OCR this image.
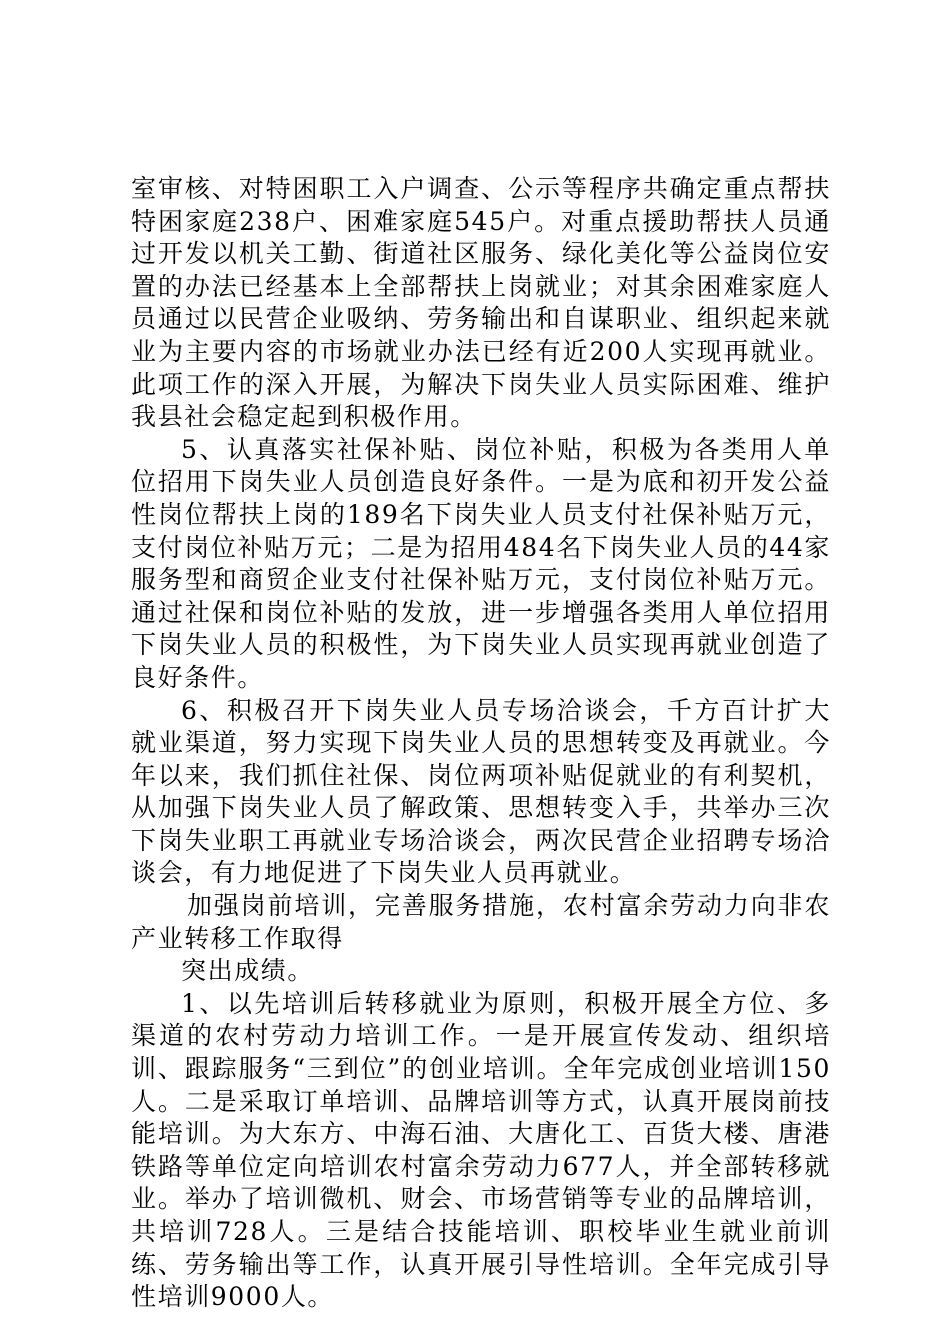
室审核、对特困职工入户调查、公示等程序共确定重点帮扶特困家庭238户、困难家庭545户。对重点援助帮扶人员通过开发以机关工勤、街道社区服务、绿化美化等公益岗位安置的办法已经基本上全部帮扶上岗就业；对其余困难家庭人员通过以民营企业吸纳、劳务输出和自谋职业、组织起来就业为主要内容的市场就业办法已经有近200人实现再就业。此项工作的深入开展，为解决下岗失业人员实际困难、维护我县社会稳定起到积极作用。

5、认真落实社保补贴、岗位补贴，积极为各类用人单位招用下岗失业人员创造良好条件。一是为底和初开发公益性岗位帮扶上岗的189名下岗失业人员支付社保补贴万元，支付岗位补贴万元；二是为招用484名下岗失业人员的44家服务型和商贸企业支付社保补贴万元，支付岗位补贴万元。通过社保和岗位补贴的发放，进一步增强各类用人单位招用下岗失业人员的积极性，为下岗失业人员实现再就业创造了良好条件。

6、积极召开下岗失业人员专场洽谈会，千方百计扩大就业渠道，努力实现下岗失业人员的思想转变及再就业。今年以来，我们抓住社保、岗位两项补贴促就业的有利契机，从加强下岗失业人员了解政策、思想转变入手，共举办三次下岗失业职工再就业专场洽谈会，两次民营企业招聘专场洽谈会，有力地促进了下岗失业人员再就业。

加强岗前培训，完善服务措施，农村富余劳动力向非农产业转移工作取得

突出成绩。

1、以先培训后转移就业为原则，积极开展全方位、多渠道的农村劳动力培训工作。一是开展宣传发动、组织培训、跟踪服务“三到位”的创业培训。全年完成创业培训150人。二是采取订单培训、品牌培训等方式，认真开展岗前技能培训。为大东方、中海石油、大唐化工、百货大楼、唐港铁路等单位定向培训农村富余劳动力677人，并全部转移就业。举办了培训微机、财会、市场营销等专业的品牌培训，共培训728人。三是结合技能培训、职校毕业生就业前训练、劳务输出等工作，认真开展引导性培训。全年完成引导性培训9000人。
